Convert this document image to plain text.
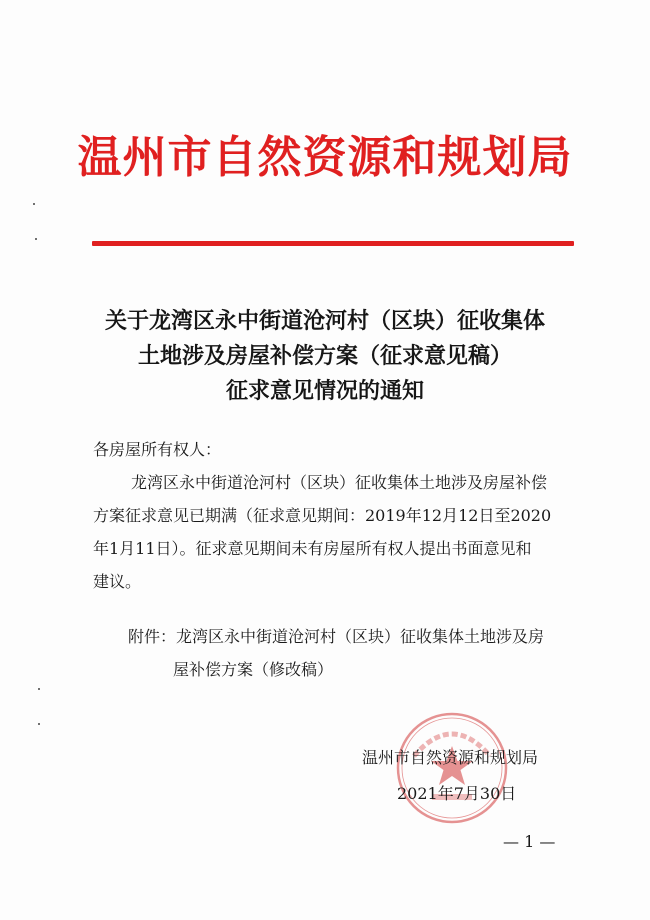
温州市自然资源和规划局
关于龙湾区永中街道沧河村（区块）征收集体
土地涉及房屋补偿方案（征求意见稿）
征求意见情况的通知
各房屋所有权人：
龙湾区永中街道沧河村（区块）征收集体土地涉及房屋补偿
方案征求意见已期满（征求意见期间：2019年12月12日至2020
年1月11日）。征求意见期间未有房屋所有权人提出书面意见和
建议。
附件：龙湾区永中街道沧河村（区块）征收集体土地涉及房
屋补偿方案（修改稿）
温州市自然资源和规划局
2021年7月30日
— 1 —
